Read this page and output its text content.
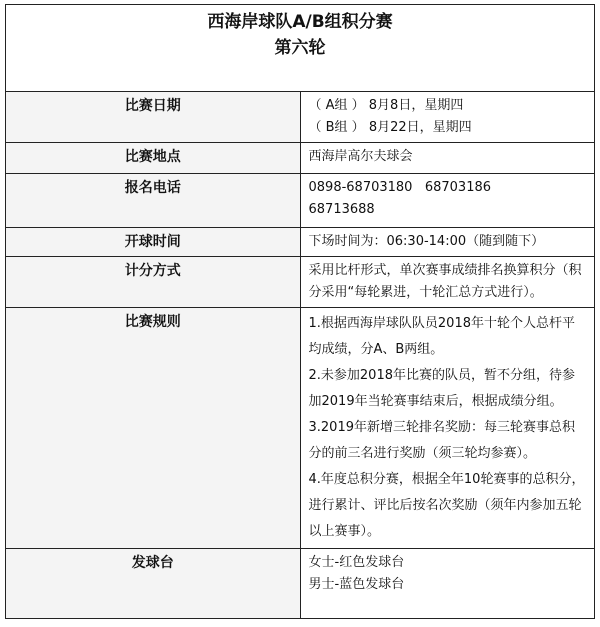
西海岸球队A/B组积分赛
第六轮	

比赛日期	（ A组 ） 8月8日，星期四
（ B组 ） 8月22日，星期四

比赛地点	西海岸高尔夫球会
报名电话	0898-68703180   68703186
68713688

开球时间	下场时间为：06:30-14:00（随到随下）
计分方式	采用比杆形式，单次赛事成绩排名换算积分（积分采用“每轮累进，十轮汇总方式进行）。
比赛规则	1.根据西海岸球队队员2018年十轮个人总杆平均成绩，分A、B两组。
2.未参加2018年比赛的队员，暂不分组，待参加2019年当轮赛事结束后，根据成绩分组。
3.2019年新增三轮排名奖励：每三轮赛事总积分的前三名进行奖励（须三轮均参赛）。
4.年度总积分赛，根据全年10轮赛事的总积分，进行累计、评比后按名次奖励（须年内参加五轮以上赛事）。

发球台	女士-红色发球台
男士-蓝色发球台
